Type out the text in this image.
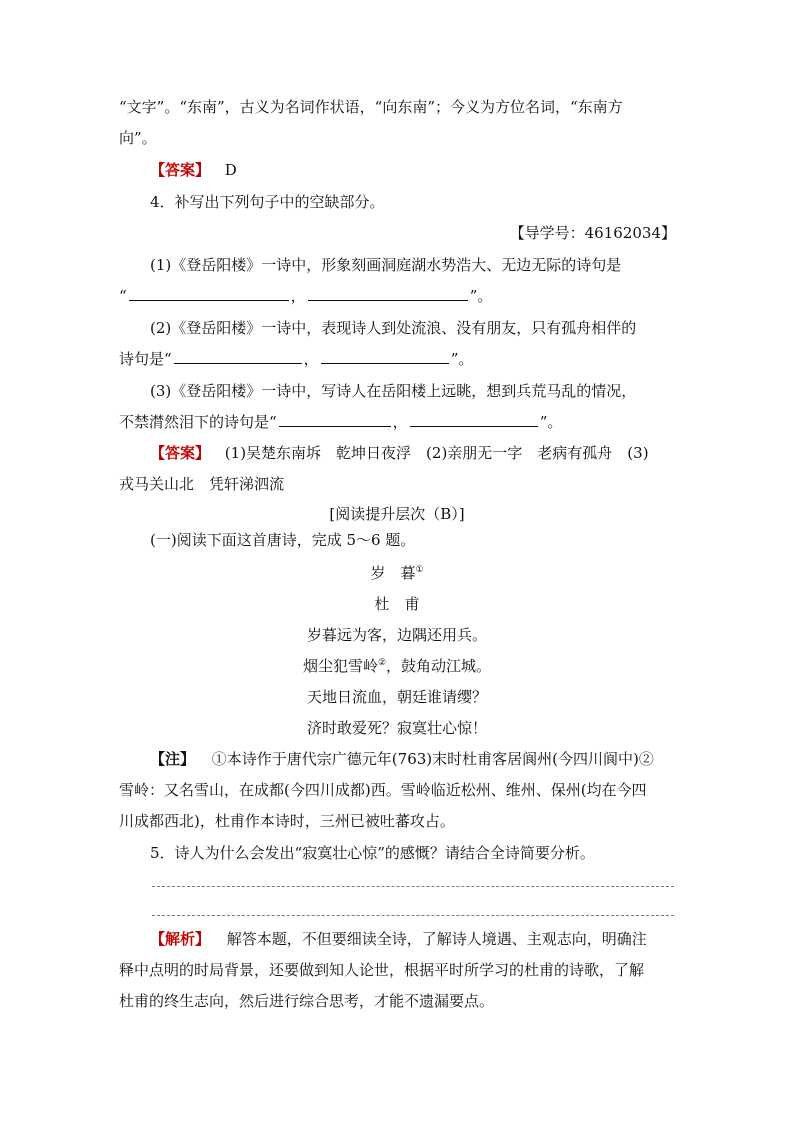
“文字”。“东南”，古义为名词作状语，“向东南”；今义为方位名词，“东南方
向”。
【答案】 D
4．补写出下列句子中的空缺部分。
【导学号：46162034】
(1)《登岳阳楼》一诗中，形象刻画洞庭湖水势浩大、无边无际的诗句是
“	，	”。
(2)《登岳阳楼》一诗中，表现诗人到处流浪、没有朋友，只有孤舟相伴的
诗句是“	，	”。
(3)《登岳阳楼》一诗中，写诗人在岳阳楼上远眺，想到兵荒马乱的情况，
不禁潸然泪下的诗句是“	，	”。
【答案】 (1)吴楚东南坼　乾坤日夜浮　(2)亲朋无一字　老病有孤舟　(3)
戎马关山北　凭轩涕泗流
[阅读提升层次（B）]
(一)阅读下面这首唐诗，完成 5～6 题。
岁　暮①
杜　甫
岁暮远为客，边隅还用兵。
烟尘犯雪岭②，鼓角动江城。
天地日流血，朝廷谁请缨？
济时敢爱死？寂寞壮心惊！
【注】 ①本诗作于唐代宗广德元年(763)末时杜甫客居阆州(今四川阆中)②
雪岭：又名雪山，在成都(今四川成都)西。雪岭临近松州、维州、保州(均在今四
川成都西北)，杜甫作本诗时，三州已被吐蕃攻占。
5．诗人为什么会发出“寂寞壮心惊”的感慨？请结合全诗简要分析。
【解析】 解答本题，不但要细读全诗，了解诗人境遇、主观志向，明确注
释中点明的时局背景，还要做到知人论世，根据平时所学习的杜甫的诗歌，了解
杜甫的终生志向，然后进行综合思考，才能不遗漏要点。
